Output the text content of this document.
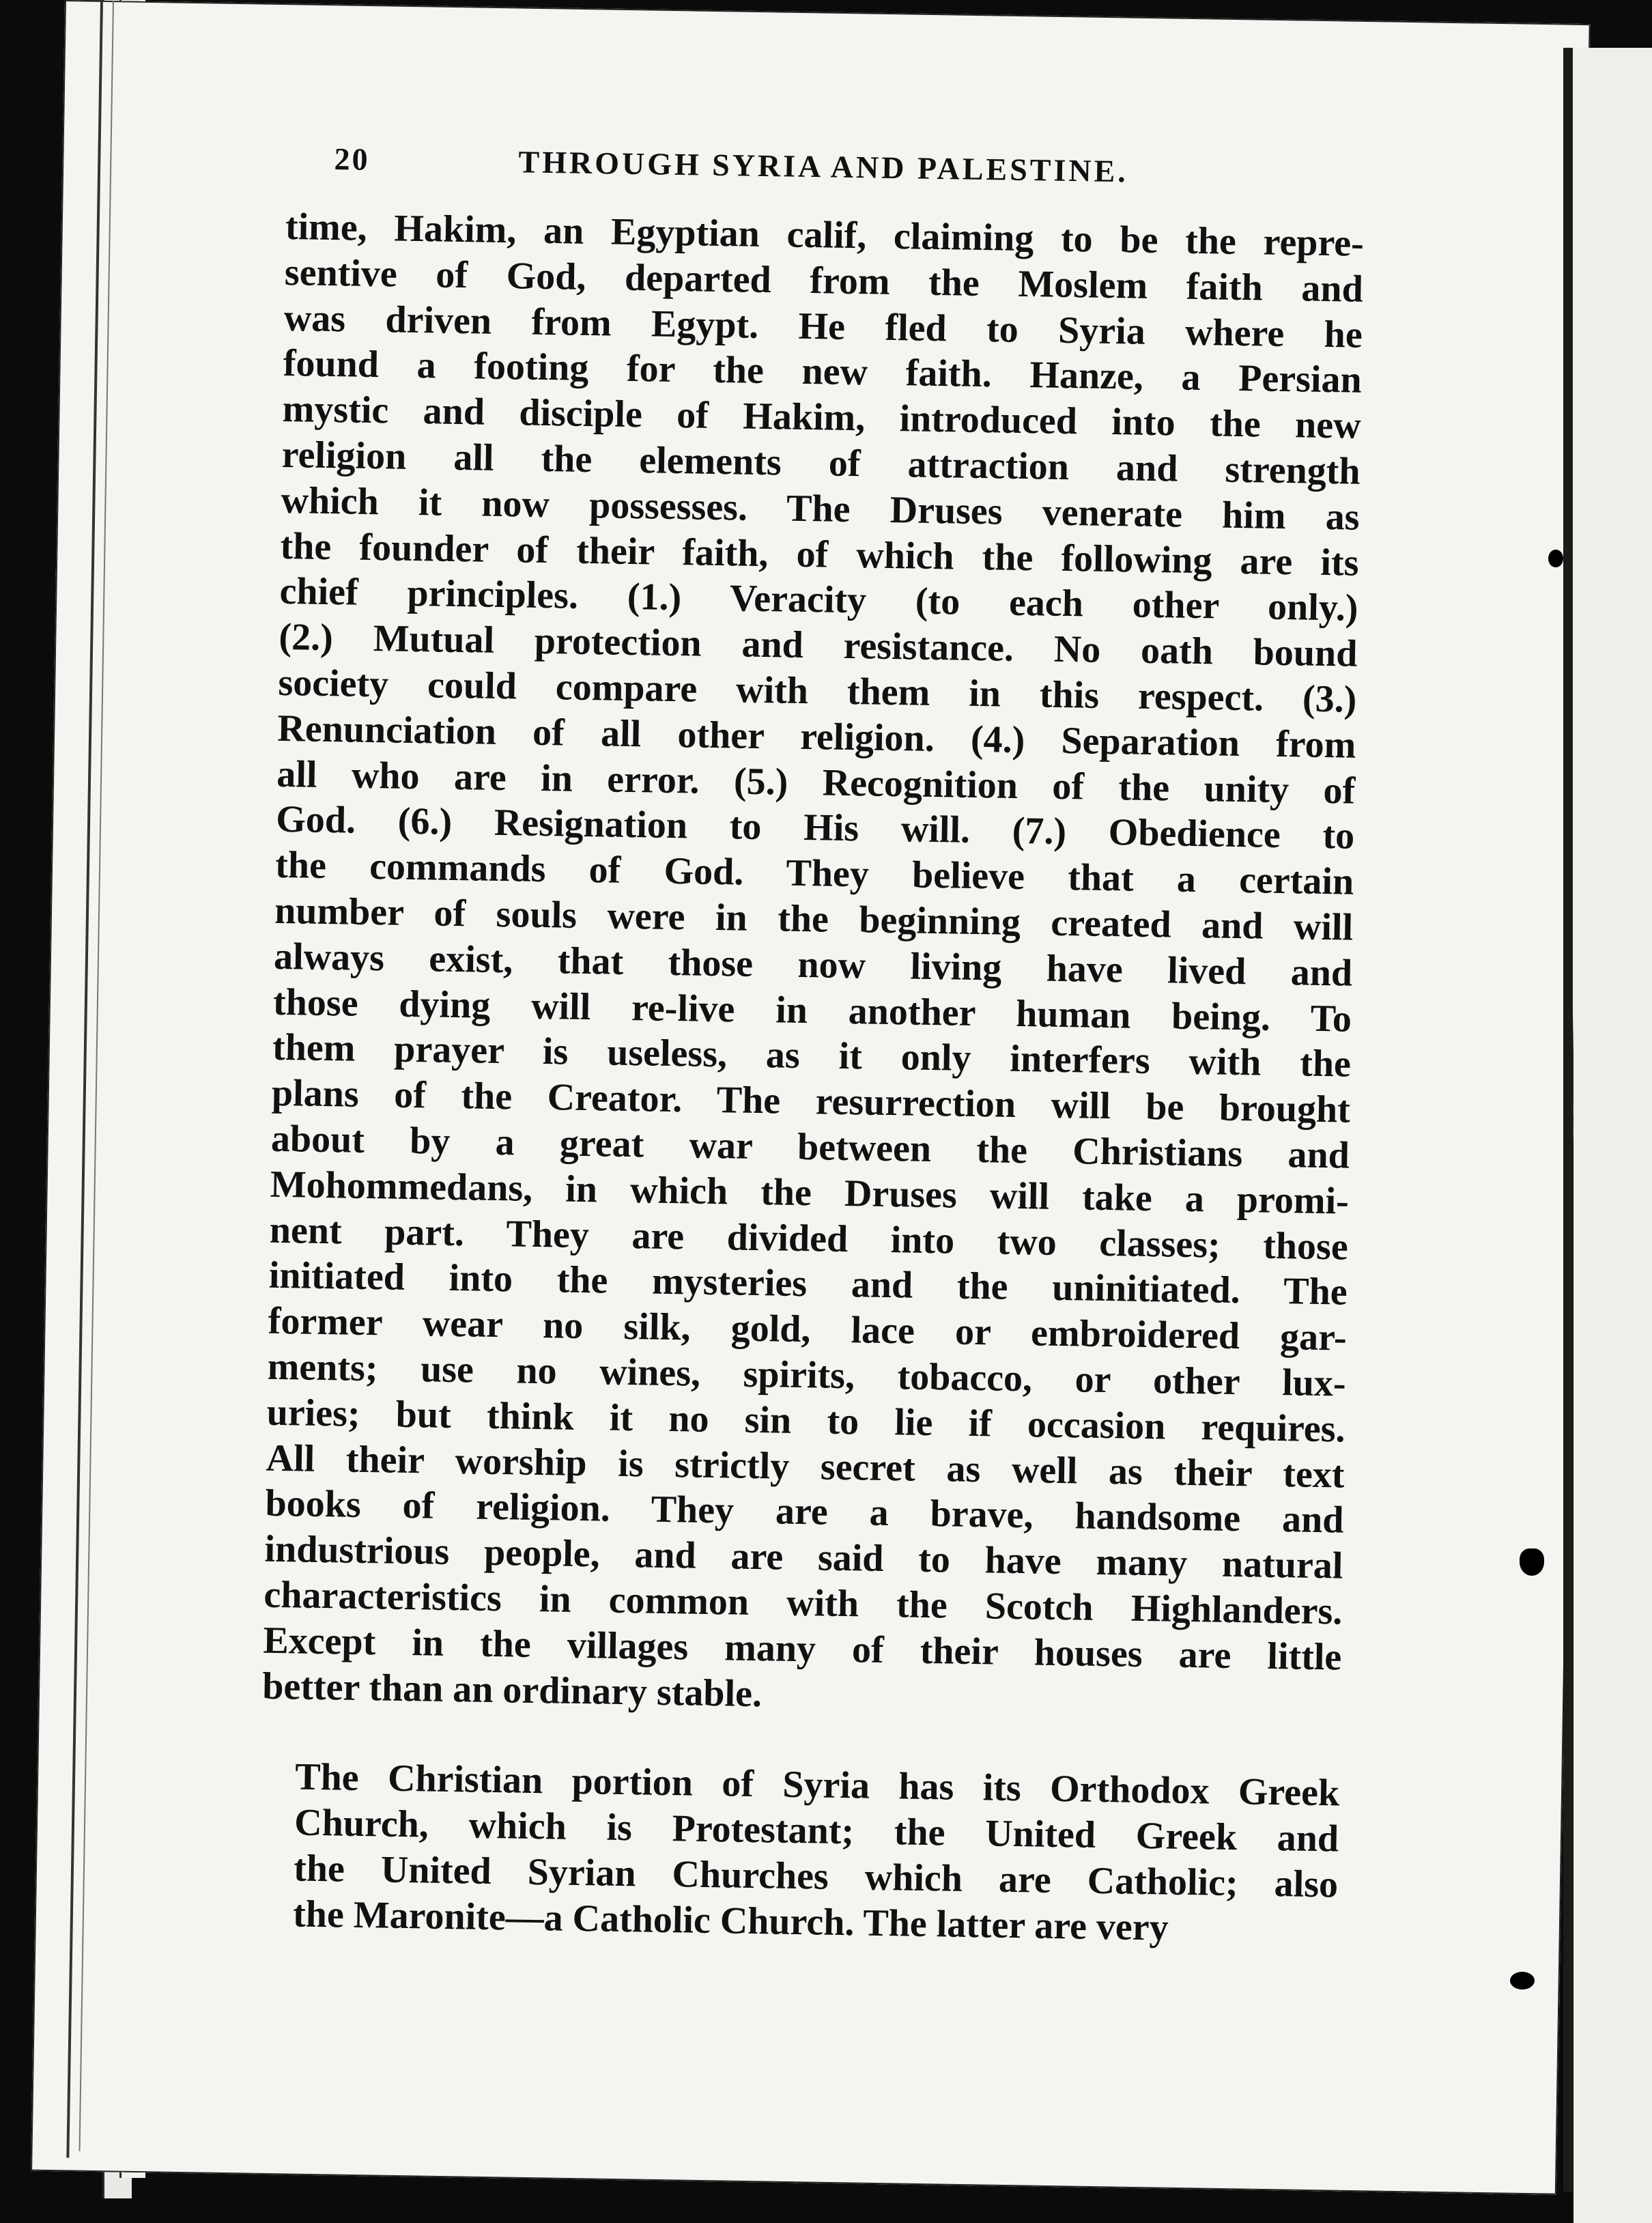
20	THROUGH SYRIA AND PALESTINE.

time, Hakim, an Egyptian calif, claiming to be the repre-
sentive of God, departed from the Moslem faith and
was driven from Egypt. He fled to Syria where he
found a footing for the new faith. Hanze, a Persian
mystic and disciple of Hakim, introduced into the new
religion all the elements of attraction and strength
which it now possesses. The Druses venerate him as
the founder of their faith, of which the following are its
chief principles. (1.) Veracity (to each other only.)
(2.) Mutual protection and resistance. No oath bound
society could compare with them in this respect. (3.)
Renunciation of all other religion. (4.) Separation from
all who are in error. (5.) Recognition of the unity of
God. (6.) Resignation to His will. (7.) Obedience to
the commands of God. They believe that a certain
number of souls were in the beginning created and will
always exist, that those now living have lived and
those dying will re-live in another human being. To
them prayer is useless, as it only interfers with the
plans of the Creator. The resurrection will be brought
about by a great war between the Christians and
Mohommedans, in which the Druses will take a promi-
nent part. They are divided into two classes; those
initiated into the mysteries and the uninitiated. The
former wear no silk, gold, lace or embroidered gar-
ments; use no wines, spirits, tobacco, or other lux-
uries; but think it no sin to lie if occasion requires.
All their worship is strictly secret as well as their text
books of religion. They are a brave, handsome and
industrious people, and are said to have many natural
characteristics in common with the Scotch Highlanders.
Except in the villages many of their houses are little
better than an ordinary stable.

The Christian portion of Syria has its Orthodox Greek
Church, which is Protestant; the United Greek and
the United Syrian Churches which are Catholic; also
the Maronite—a Catholic Church. The latter are very
